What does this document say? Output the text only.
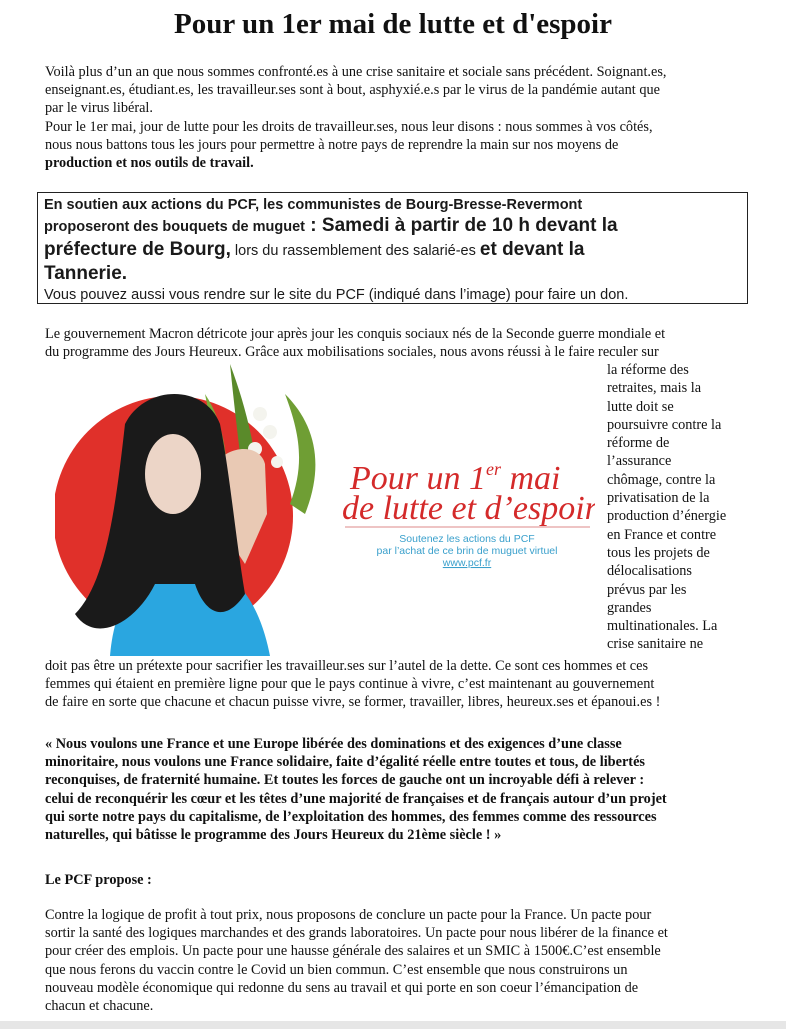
Pour un 1er mai de lutte et d'espoir
Voilà plus d’un an que nous sommes confronté.es à une crise sanitaire et sociale sans précédent. Soignant.es,
enseignant.es, étudiant.es, les travailleur.ses sont à bout, asphyxié.e.s par le virus de la pandémie autant que
par le virus libéral.
Pour le 1er mai, jour de lutte pour les droits de travailleur.ses, nous leur disons : nous sommes à vos côtés,
nous nous battons tous les jours pour permettre à notre pays de reprendre la main sur nos moyens de
production et nos outils de travail.
En soutien aux actions du PCF, les communistes de Bourg-Bresse-Revermont
proposeront des bouquets de muguet : Samedi à partir de 10 h devant la
préfecture de Bourg, lors du rassemblement des salarié-es et devant la
Tannerie.
Vous pouvez aussi vous rendre sur le site du PCF (indiqué dans l’image) pour faire un don.
Le gouvernement Macron détricote jour après jour les conquis sociaux nés de la Seconde guerre mondiale et
du programme des Jours Heureux. Grâce aux mobilisations sociales, nous avons réussi à le faire reculer sur
Pour un 1er mai
de lutte et d’espoir
Soutenez les actions du PCF
par l’achat de ce brin de muguet virtuel
www.pcf.fr
la réforme des
retraites, mais la
lutte doit se
poursuivre contre la
réforme de
l’assurance
chômage, contre la
privatisation de la
production d’énergie
en France et contre
tous les projets de
délocalisations
prévus par les
grandes
multinationales. La
crise sanitaire ne
doit pas être un prétexte pour sacrifier les travailleur.ses sur l’autel de la dette. Ce sont ces hommes et ces
femmes qui étaient en première ligne pour que le pays continue à vivre, c’est maintenant au gouvernement
de faire en sorte que chacune et chacun puisse vivre, se former, travailler, libres, heureux.ses et épanoui.es !
« Nous voulons une France et une Europe libérée des dominations et des exigences d’une classe
minoritaire, nous voulons une France solidaire, faite d’égalité réelle entre toutes et tous, de libertés
reconquises, de fraternité humaine. Et toutes les forces de gauche ont un incroyable défi à relever :
celui de reconquérir les cœur et les têtes d’une majorité de françaises et de français autour d’un projet
qui sorte notre pays du capitalisme, de l’exploitation des hommes, des femmes comme des ressources
naturelles, qui bâtisse le programme des Jours Heureux du 21ème siècle ! »
Le PCF propose :
Contre la logique de profit à tout prix, nous proposons de conclure un pacte pour la France. Un pacte pour
sortir la santé des logiques marchandes et des grands laboratoires. Un pacte pour nous libérer de la finance et
pour créer des emplois. Un pacte pour une hausse générale des salaires et un SMIC à 1500€.C’est ensemble
que nous ferons du vaccin contre le Covid un bien commun. C’est ensemble que nous construirons un
nouveau modèle économique qui redonne du sens au travail et qui porte en son coeur l’émancipation de
chacun et chacune.
